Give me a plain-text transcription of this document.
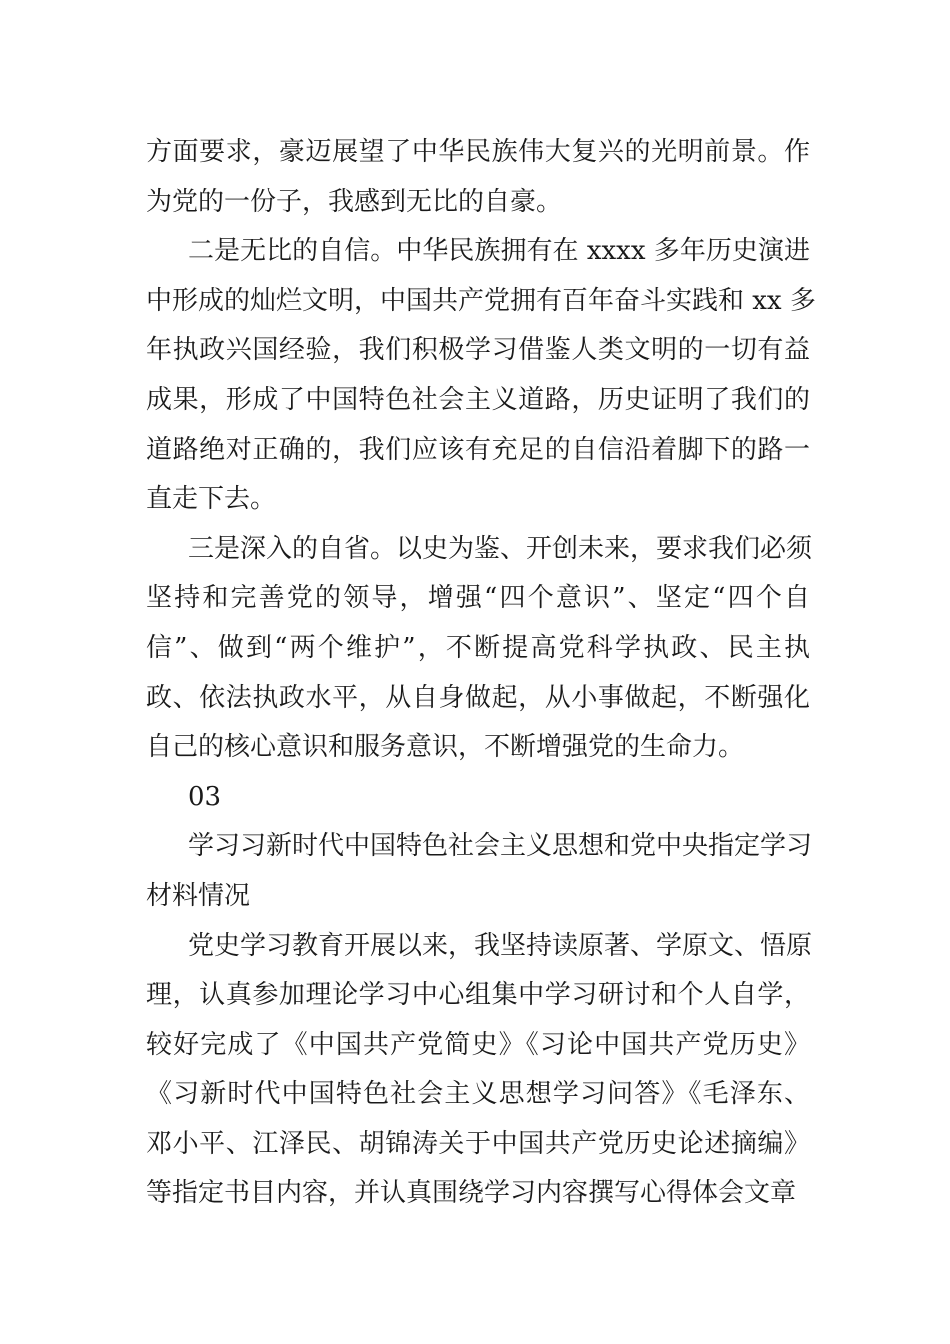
方面要求，豪迈展望了中华民族伟大复兴的光明前景。作
为党的一份子，我感到无比的自豪。
二是无比的自信。中华民族拥有在 xxxx 多年历史演进
中形成的灿烂文明，中国共产党拥有百年奋斗实践和 xx 多
年执政兴国经验，我们积极学习借鉴人类文明的一切有益
成果，形成了中国特色社会主义道路，历史证明了我们的
道路绝对正确的，我们应该有充足的自信沿着脚下的路一
直走下去。
三是深入的自省。以史为鉴、开创未来，要求我们必须
坚持和完善党的领导，增强“四个意识”、坚定“四个自
信”、做到“两个维护”，不断提高党科学执政、民主执
政、依法执政水平，从自身做起，从小事做起，不断强化
自己的核心意识和服务意识，不断增强党的生命力。
03
学习习新时代中国特色社会主义思想和党中央指定学习
材料情况
党史学习教育开展以来，我坚持读原著、学原文、悟原
理，认真参加理论学习中心组集中学习研讨和个人自学，
较好完成了《中国共产党简史》《习论中国共产党历史》
《习新时代中国特色社会主义思想学习问答》《毛泽东、
邓小平、江泽民、胡锦涛关于中国共产党历史论述摘编》
等指定书目内容，并认真围绕学习内容撰写心得体会文章
